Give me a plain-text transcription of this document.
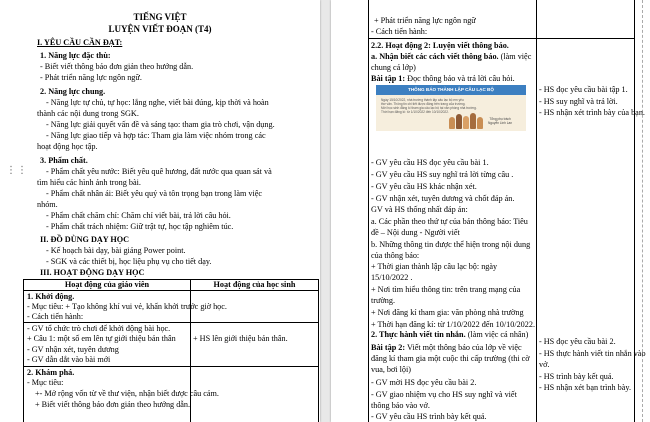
⋮⋮
TIẾNG VIỆT
LUYỆN VIẾT ĐOẠN (T4)
I. YÊU CẦU CẦN ĐẠT:
1. Năng lực đặc thù:
- Biết viết thông báo đơn giản theo hướng dẫn.
- Phát triển năng lực ngôn ngữ.
2. Năng lực chung.
- Năng lực tự chủ, tự học: lắng nghe, viết bài đúng, kịp thời và hoàn
thành các nội dung trong SGK.
- Năng lực giải quyết vấn đề và sáng tạo: tham gia trò chơi, vận dụng.
- Năng lực giao tiếp và hợp tác: Tham gia làm việc nhóm trong các
hoạt động học tập.
3. Phẩm chất.
- Phẩm chất yêu nước: Biết yêu quê hương, đất nước qua quan sát và
tìm hiểu các hình ảnh trong bài.
- Phẩm chất nhân ái: Biết yêu quý và tôn trọng bạn trong làm việc
nhóm.
- Phẩm chất chăm chỉ: Chăm chỉ viết bài, trả lời câu hỏi.
- Phẩm chất trách nhiệm: Giữ trật tự, học tập nghiêm túc.
II. ĐỒ DÙNG DẠY HỌC
- Kế hoạch bài dạy, bài giảng Power point.
- SGK và các thiết bị, học liệu phụ vụ cho tiết dạy.
III. HOẠT ĐỘNG DẠY HỌC
Hoạt động của giáo viên	Hoạt động của học sinh
1. Khởi động.
- Mục tiêu: + Tạo không khí vui vẻ, khấn khởi trước giờ học.
- Cách tiến hành:
- GV tổ chức trò chơi để khởi động bài học.
+ Câu 1: một số em lên tự giới thiệu bản thân
- GV nhận xét, tuyên dương
- GV dẫn dắt vào bài mới
2. Khám phá.
- Mục tiêu:
+- Mở rộng vốn từ về thư viện, nhận biết được câu cảm.
+ Biết viết thông báo đơn giản theo hướng dẫn.
+ HS lên giới thiệu bản thân.
+ Phát triển năng lực ngôn ngữ
- Cách tiến hành:
2.2. Hoạt động 2: Luyện viết thông báo.
a. Nhận biết các cách viết thông báo. (làm việc
chung cả lớp)
Bài tập 1: Đọc thông báo và trả lời câu hỏi.
THÔNG BÁO THÀNH LẬP CÂU LẠC BỘ
Ngày 15/10/2022, nhà trường thành lập câu lạc bộ em yêu
thơ văn. Thông tin chi tiết được đăng trên trang của trường.
Mời học sinh đăng kí tham gia câu lạc bộ tại văn phòng nhà trường.
Thời hạn đăng kí: từ 1/10/2022 đến 10/10/2022.
Tổng phụ trách
Nguyễn Linh Lan
- GV yêu cầu HS đọc yêu cầu bài 1.
- GV yêu cầu HS suy nghĩ trả lời từng câu .
- GV yêu cầu HS khác nhận xét.
- GV nhận xét, tuyên dương và chốt đáp án.
GV và HS thống nhất đáp án:
a. Các phần theo thứ tự của bản thông báo: Tiêu
đề – Nội dung - Người viết
b. Những thông tin được thể hiện trong nội dung
của thông báo:
+ Thời gian thành lập câu lạc bộ: ngày
15/10/2022 .
+ Nơi tìm hiểu thông tin: trên trang mạng của
trường.
+ Nơi đăng kí tham gia: văn phòng nhà trường
+ Thời hạn đăng kí: từ 1/10/2022 đến 10/10/2022.
2. Thực hành viết tin nhắn. (làm việc cá nhân)
Bài tập 2: Viết một thông báo của lớp về việc
đăng kí tham gia một cuộc thi cấp trường (thi cờ
vua, bơi lội)
- GV mời HS đọc yêu cầu bài 2.
- GV giao nhiệm vụ cho HS suy nghĩ và viết
thông báo vào vở.
- GV yêu cầu HS trình bày kết quả.
- HS đọc yêu cầu bài tập 1.
- HS suy nghĩ và trả lời.
- HS nhận xét trình bày của bạn.
- HS đọc yêu cầu bài 2.
- HS thực hành viết tin nhắn vào
vở.
- HS trình bày kết quả.
- HS nhận xét bạn trình bày.
